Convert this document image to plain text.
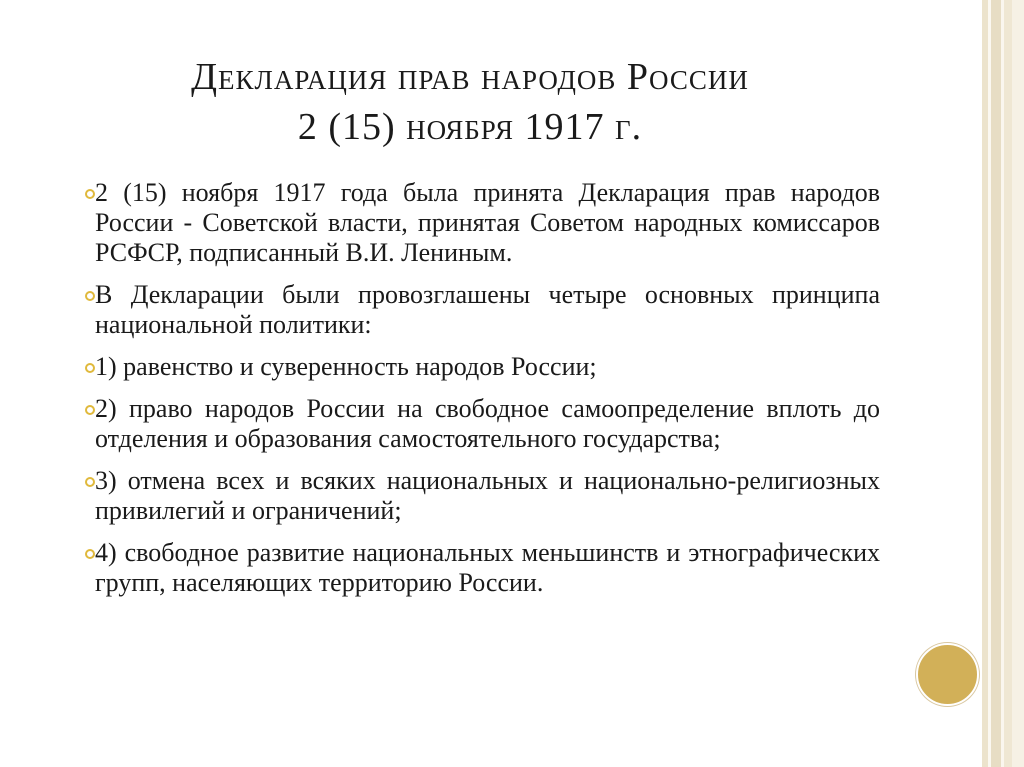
Декларация прав народов России
2 (15) ноября 1917 г.
2 (15) ноября 1917 года была принята Декларация прав народов России - Советской власти, принятая Советом народных комиссаров РСФСР, подписанный В.И. Лениным.
В Декларации были провозглашены четыре основных принципа национальной политики:
1) равенство и суверенность народов России;
2) право народов России на свободное самоопределение вплоть до отделения и образования самостоятельного государства;
3) отмена всех и всяких национальных и национально-религиозных привилегий и ограничений;
4) свободное развитие национальных меньшинств и этнографических групп, населяющих территорию России.
